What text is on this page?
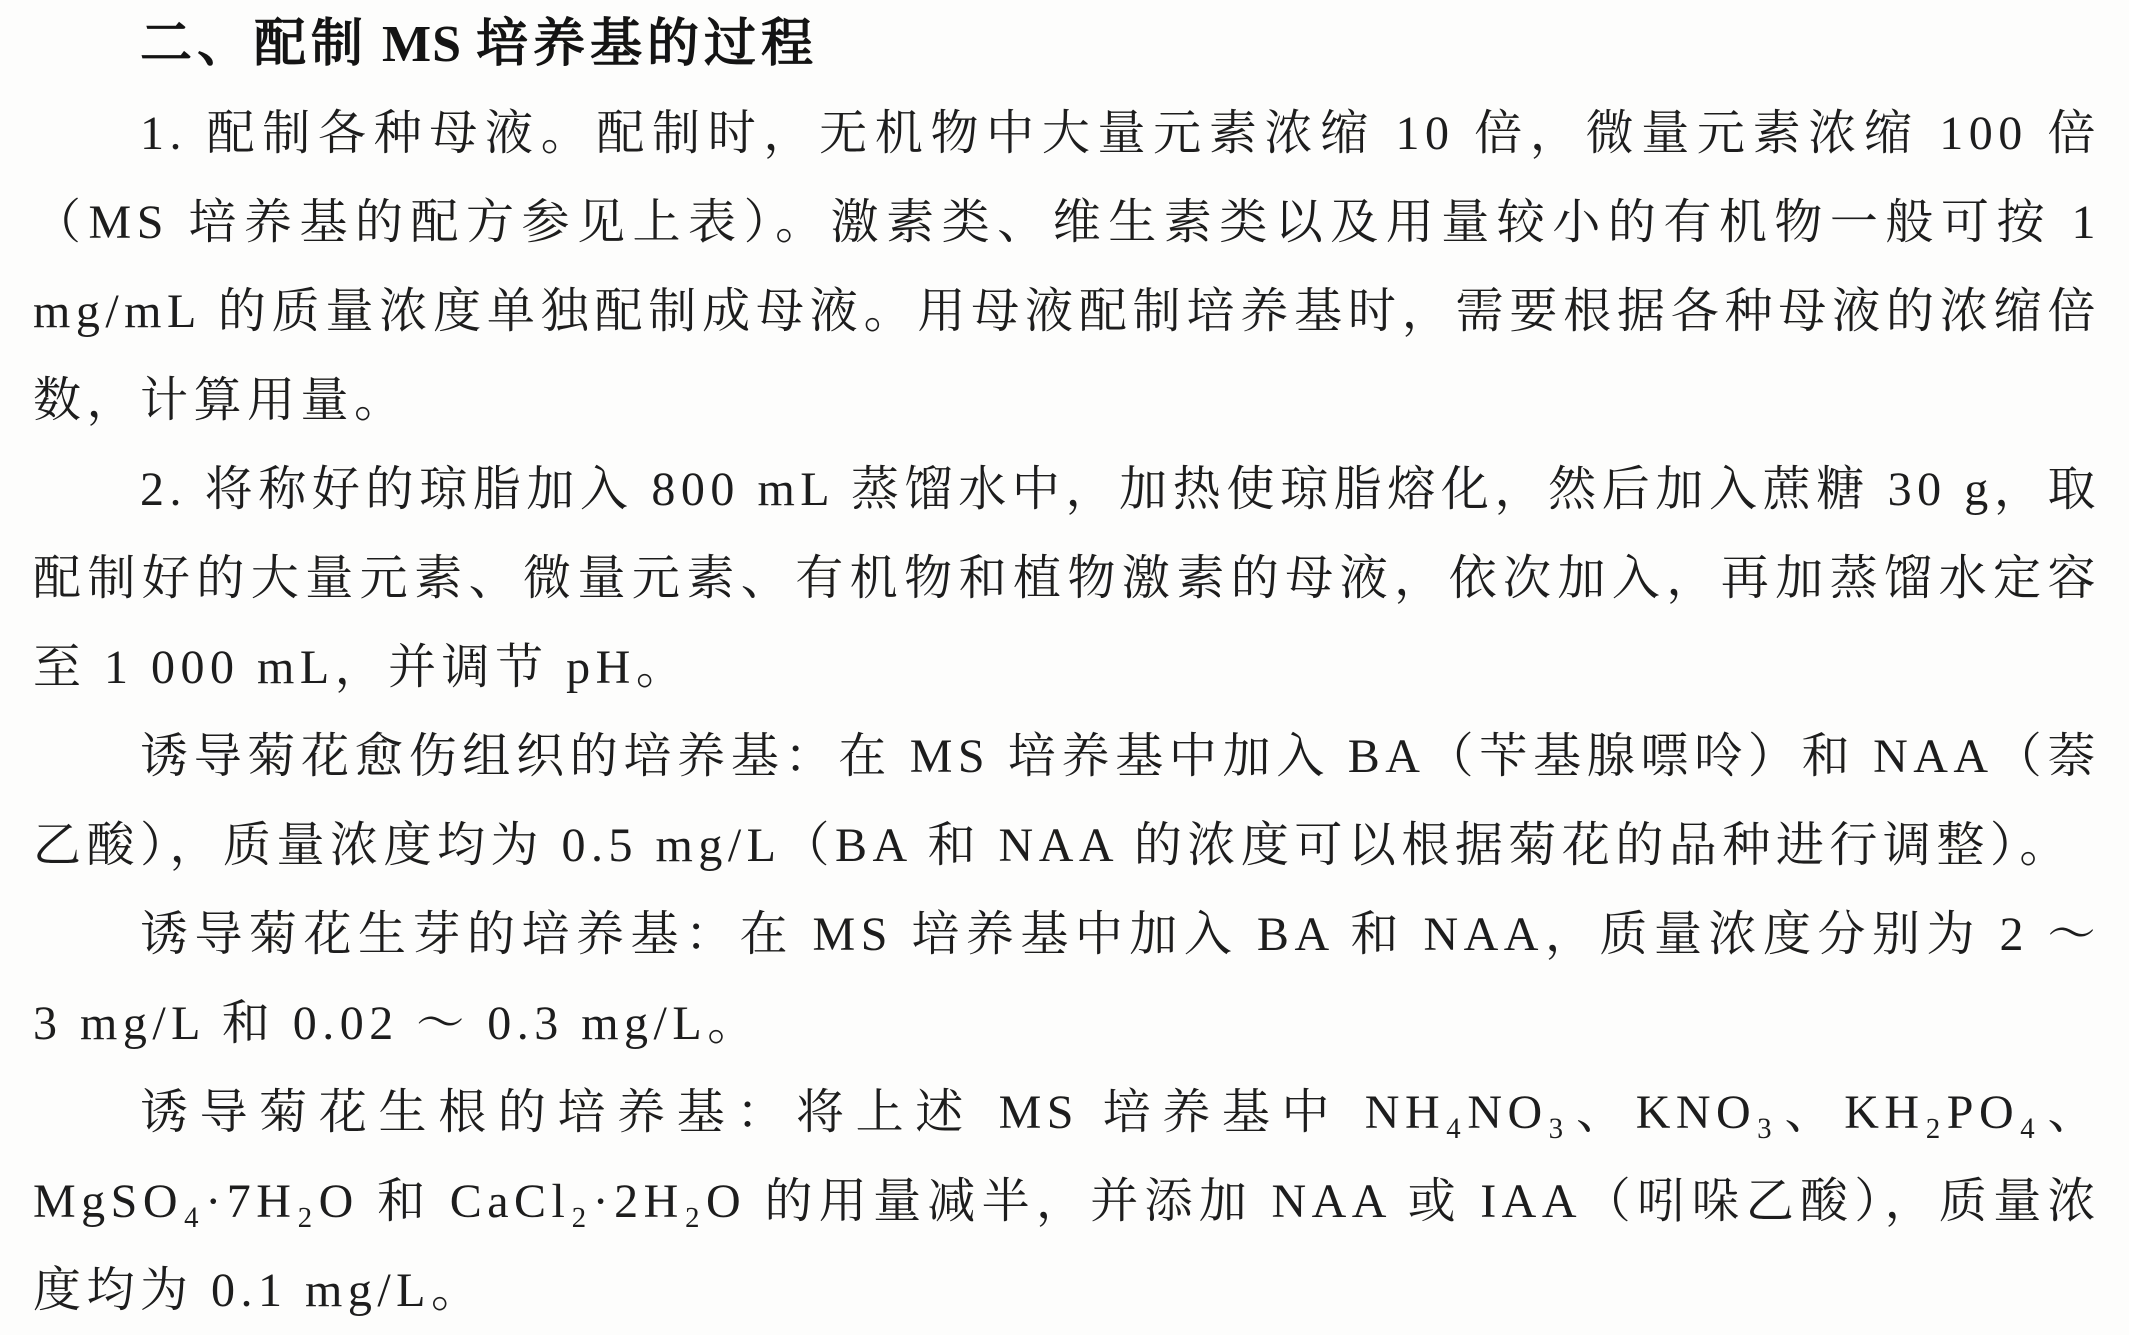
二、配制 MS 培养基的过程

1. 配制各种母液。配制时，无机物中大量元素浓缩 10 倍，微量元素浓缩 100 倍（MS 培养基的配方参见上表）。激素类、维生素类以及用量较小的有机物一般可按 1 mg/mL 的质量浓度单独配制成母液。用母液配制培养基时，需要根据各种母液的浓缩倍数，计算用量。

2. 将称好的琼脂加入 800 mL 蒸馏水中，加热使琼脂熔化，然后加入蔗糖 30 g，取配制好的大量元素、微量元素、有机物和植物激素的母液，依次加入，再加蒸馏水定容至 1 000 mL，并调节 pH。

诱导菊花愈伤组织的培养基：在 MS 培养基中加入 BA（苄基腺嘌呤）和 NAA（萘乙酸），质量浓度均为 0.5 mg/L（BA 和 NAA 的浓度可以根据菊花的品种进行调整）。

诱导菊花生芽的培养基：在 MS 培养基中加入 BA 和 NAA，质量浓度分别为 2 ～ 3 mg/L 和 0.02 ～ 0.3 mg/L。

诱导菊花生根的培养基：将上述 MS 培养基中 NH₄NO₃、KNO₃、KH₂PO₄、MgSO₄·7H₂O 和 CaCl₂·2H₂O 的用量减半，并添加 NAA 或 IAA（吲哚乙酸），质量浓度均为 0.1 mg/L。
